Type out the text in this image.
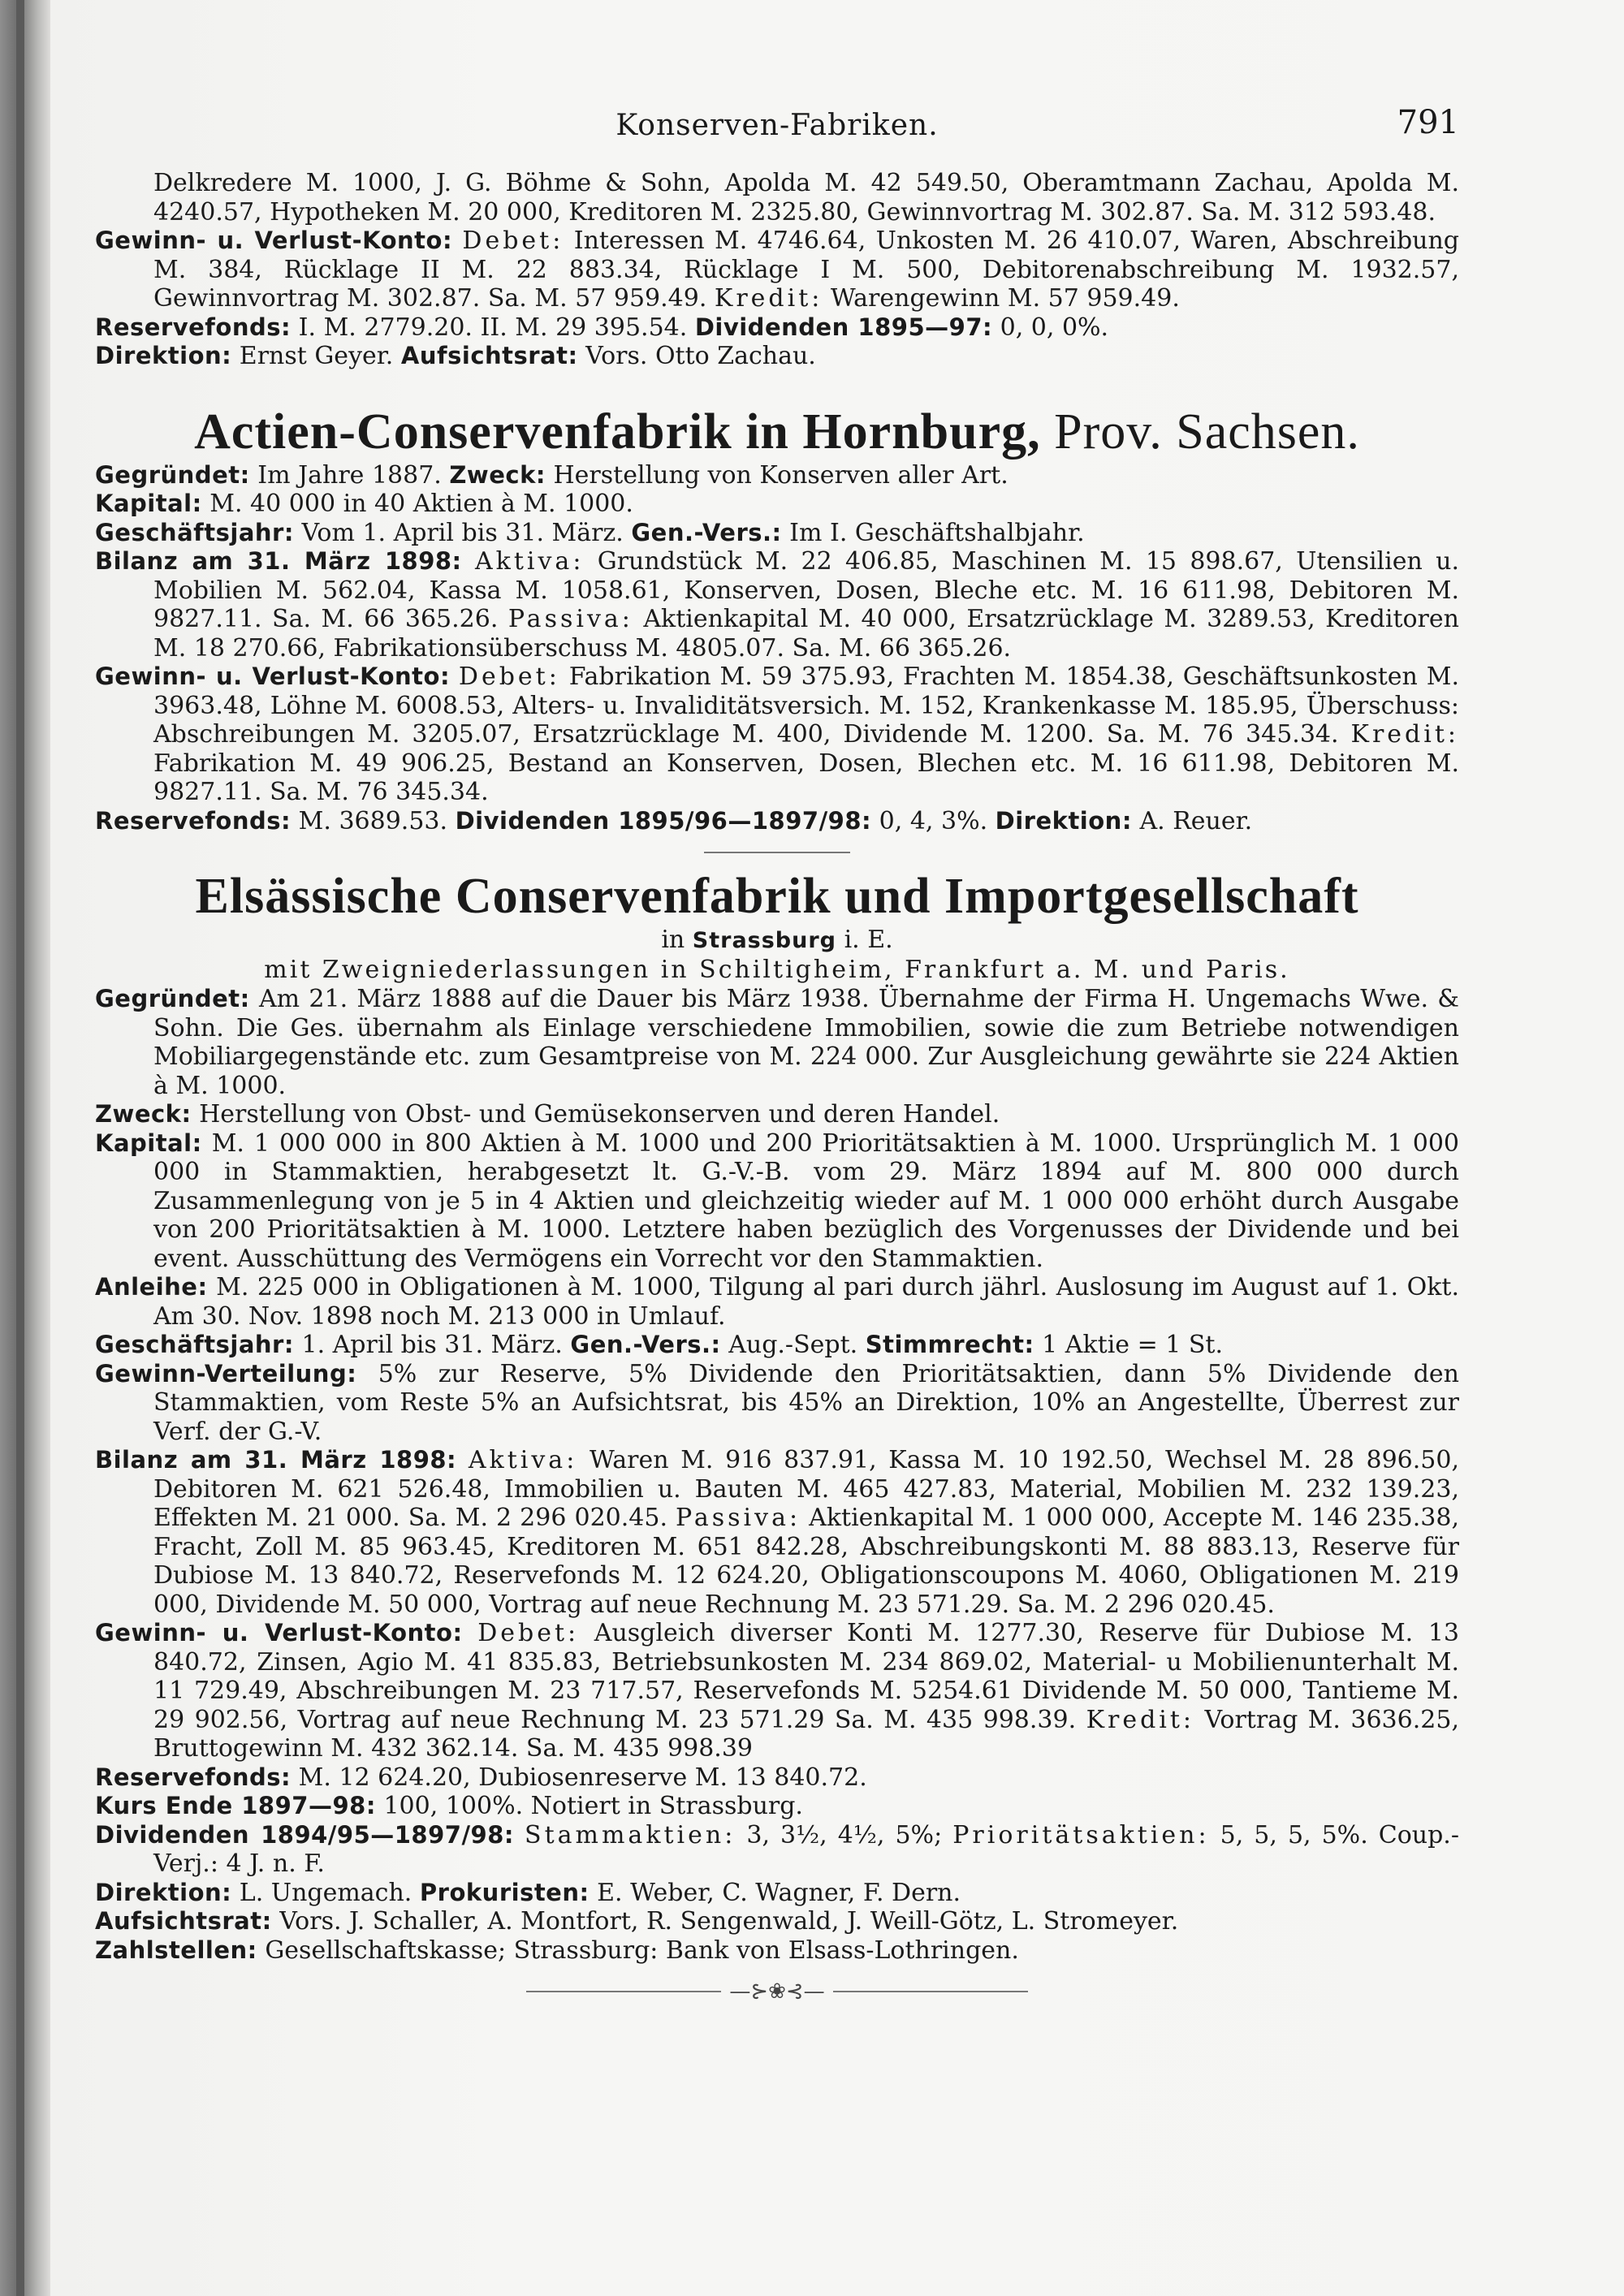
Konserven-Fabriken.	791

Delkredere M. 1000, J. G. Böhme & Sohn, Apolda M. 42 549.50, Oberamtmann Zachau, Apolda M. 4240.57, Hypotheken M. 20 000, Kreditoren M. 2325.80, Gewinnvortrag M. 302.87. Sa. M. 312 593.48.

Gewinn- u. Verlust-Konto: Debet: Interessen M. 4746.64, Unkosten M. 26 410.07, Waren, Abschreibung M. 384, Rücklage II M. 22 883.34, Rücklage I M. 500, Debitorenabschreibung M. 1932.57, Gewinnvortrag M. 302.87. Sa. M. 57 959.49. Kredit: Warengewinn M. 57 959.49.

Reservefonds: I. M. 2779.20. II. M. 29 395.54. Dividenden 1895—97: 0, 0, 0%.

Direktion: Ernst Geyer. Aufsichtsrat: Vors. Otto Zachau.

Actien-Conservenfabrik in Hornburg, Prov. Sachsen.

Gegründet: Im Jahre 1887. Zweck: Herstellung von Konserven aller Art.

Kapital: M. 40 000 in 40 Aktien à M. 1000.

Geschäftsjahr: Vom 1. April bis 31. März. Gen.-Vers.: Im I. Geschäftshalbjahr.

Bilanz am 31. März 1898: Aktiva: Grundstück M. 22 406.85, Maschinen M. 15 898.67, Utensilien u. Mobilien M. 562.04, Kassa M. 1058.61, Konserven, Dosen, Bleche etc. M. 16 611.98, Debitoren M. 9827.11. Sa. M. 66 365.26. Passiva: Aktienkapital M. 40 000, Ersatzrücklage M. 3289.53, Kreditoren M. 18 270.66, Fabrikationsüberschuss M. 4805.07. Sa. M. 66 365.26.

Gewinn- u. Verlust-Konto: Debet: Fabrikation M. 59 375.93, Frachten M. 1854.38, Geschäftsunkosten M. 3963.48, Löhne M. 6008.53, Alters- u. Invaliditätsversich. M. 152, Krankenkasse M. 185.95, Überschuss: Abschreibungen M. 3205.07, Ersatzrücklage M. 400, Dividende M. 1200. Sa. M. 76 345.34. Kredit: Fabrikation M. 49 906.25, Bestand an Konserven, Dosen, Blechen etc. M. 16 611.98, Debitoren M. 9827.11. Sa. M. 76 345.34.

Reservefonds: M. 3689.53. Dividenden 1895/96—1897/98: 0, 4, 3%. Direktion: A. Reuer.

Elsässische Conservenfabrik und Importgesellschaft

in Strassburg i. E.

mit Zweigniederlassungen in Schiltigheim, Frankfurt a. M. und Paris.

Gegründet: Am 21. März 1888 auf die Dauer bis März 1938. Übernahme der Firma H. Ungemachs Wwe. & Sohn. Die Ges. übernahm als Einlage verschiedene Immobilien, sowie die zum Betriebe notwendigen Mobiliargegenstände etc. zum Gesamtpreise von M. 224 000. Zur Ausgleichung gewährte sie 224 Aktien à M. 1000.

Zweck: Herstellung von Obst- und Gemüsekonserven und deren Handel.

Kapital: M. 1 000 000 in 800 Aktien à M. 1000 und 200 Prioritätsaktien à M. 1000. Ursprünglich M. 1 000 000 in Stammaktien, herabgesetzt lt. G.-V.-B. vom 29. März 1894 auf M. 800 000 durch Zusammenlegung von je 5 in 4 Aktien und gleichzeitig wieder auf M. 1 000 000 erhöht durch Ausgabe von 200 Prioritätsaktien à M. 1000. Letztere haben bezüglich des Vorgenusses der Dividende und bei event. Ausschüttung des Vermögens ein Vorrecht vor den Stammaktien.

Anleihe: M. 225 000 in Obligationen à M. 1000, Tilgung al pari durch jährl. Auslosung im August auf 1. Okt. Am 30. Nov. 1898 noch M. 213 000 in Umlauf.

Geschäftsjahr: 1. April bis 31. März. Gen.-Vers.: Aug.-Sept. Stimmrecht: 1 Aktie = 1 St.

Gewinn-Verteilung: 5% zur Reserve, 5% Dividende den Prioritätsaktien, dann 5% Dividende den Stammaktien, vom Reste 5% an Aufsichtsrat, bis 45% an Direktion, 10% an Angestellte, Überrest zur Verf. der G.-V.

Bilanz am 31. März 1898: Aktiva: Waren M. 916 837.91, Kassa M. 10 192.50, Wechsel M. 28 896.50, Debitoren M. 621 526.48, Immobilien u. Bauten M. 465 427.83, Material, Mobilien M. 232 139.23, Effekten M. 21 000. Sa. M. 2 296 020.45. Passiva: Aktienkapital M. 1 000 000, Accepte M. 146 235.38, Fracht, Zoll M. 85 963.45, Kreditoren M. 651 842.28, Abschreibungskonti M. 88 883.13, Reserve für Dubiose M. 13 840.72, Reservefonds M. 12 624.20, Obligationscoupons M. 4060, Obligationen M. 219 000, Dividende M. 50 000, Vortrag auf neue Rechnung M. 23 571.29. Sa. M. 2 296 020.45.

Gewinn- u. Verlust-Konto: Debet: Ausgleich diverser Konti M. 1277.30, Reserve für Dubiose M. 13 840.72, Zinsen, Agio M. 41 835.83, Betriebsunkosten M. 234 869.02, Material- u Mobilienunterhalt M. 11 729.49, Abschreibungen M. 23 717.57, Reservefonds M. 5254.61 Dividende M. 50 000, Tantieme M. 29 902.56, Vortrag auf neue Rechnung M. 23 571.29 Sa. M. 435 998.39. Kredit: Vortrag M. 3636.25, Bruttogewinn M. 432 362.14. Sa. M. 435 998.39

Reservefonds: M. 12 624.20, Dubiosenreserve M. 13 840.72.

Kurs Ende 1897—98: 100, 100%. Notiert in Strassburg.

Dividenden 1894/95—1897/98: Stammaktien: 3, 3½, 4½, 5%; Prioritätsaktien: 5, 5, 5, 5%. Coup.-Verj.: 4 J. n. F.

Direktion: L. Ungemach. Prokuristen: E. Weber, C. Wagner, F. Dern.

Aufsichtsrat: Vors. J. Schaller, A. Montfort, R. Sengenwald, J. Weill-Götz, L. Stromeyer.

Zahlstellen: Gesellschaftskasse; Strassburg: Bank von Elsass-Lothringen.

—⊱❀⊰—
